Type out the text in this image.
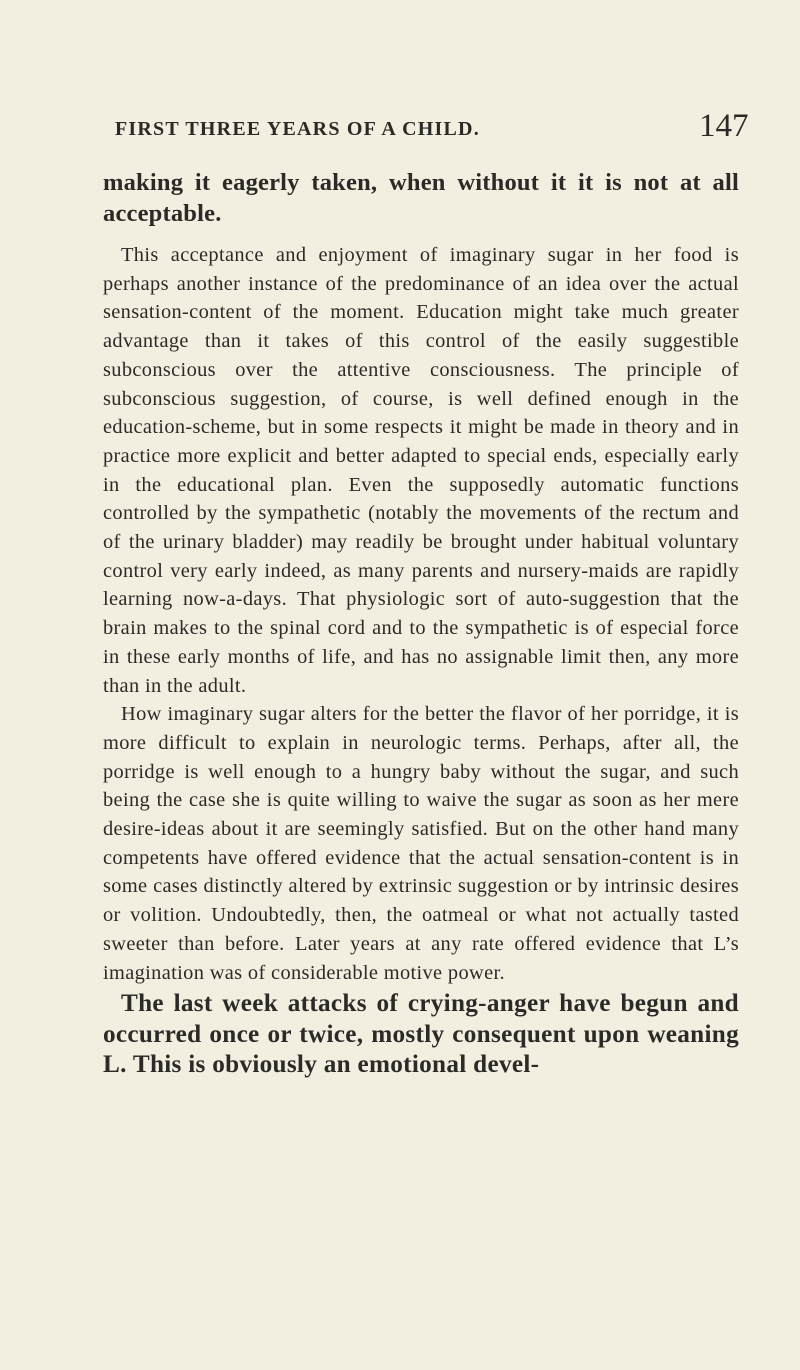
FIRST THREE YEARS OF A CHILD.	147

making it eagerly taken, when without it it is not at all acceptable.

This acceptance and enjoyment of imaginary sugar in her food is perhaps another instance of the predominance of an idea over the actual sensation-content of the moment. Education might take much greater advantage than it takes of this control of the easily suggestible subconscious over the attentive consciousness. The principle of subconscious suggestion, of course, is well defined enough in the education-scheme, but in some respects it might be made in theory and in practice more explicit and better adapted to special ends, especially early in the educational plan. Even the supposedly automatic functions controlled by the sympathetic (notably the movements of the rectum and of the urinary bladder) may readily be brought under habitual voluntary control very early indeed, as many parents and nursery-maids are rapidly learning now-a-days. That physiologic sort of auto-suggestion that the brain makes to the spinal cord and to the sympathetic is of especial force in these early months of life, and has no assignable limit then, any more than in the adult.

How imaginary sugar alters for the better the flavor of her porridge, it is more difficult to explain in neurologic terms. Perhaps, after all, the porridge is well enough to a hungry baby without the sugar, and such being the case she is quite willing to waive the sugar as soon as her mere desire-ideas about it are seemingly satisfied. But on the other hand many competents have offered evidence that the actual sensation-content is in some cases distinctly altered by extrinsic suggestion or by intrinsic desires or volition. Undoubtedly, then, the oatmeal or what not actually tasted sweeter than before. Later years at any rate offered evidence that L’s imagination was of considerable motive power.

The last week attacks of crying-anger have begun and occurred once or twice, mostly consequent upon weaning L. This is obviously an emotional devel-
